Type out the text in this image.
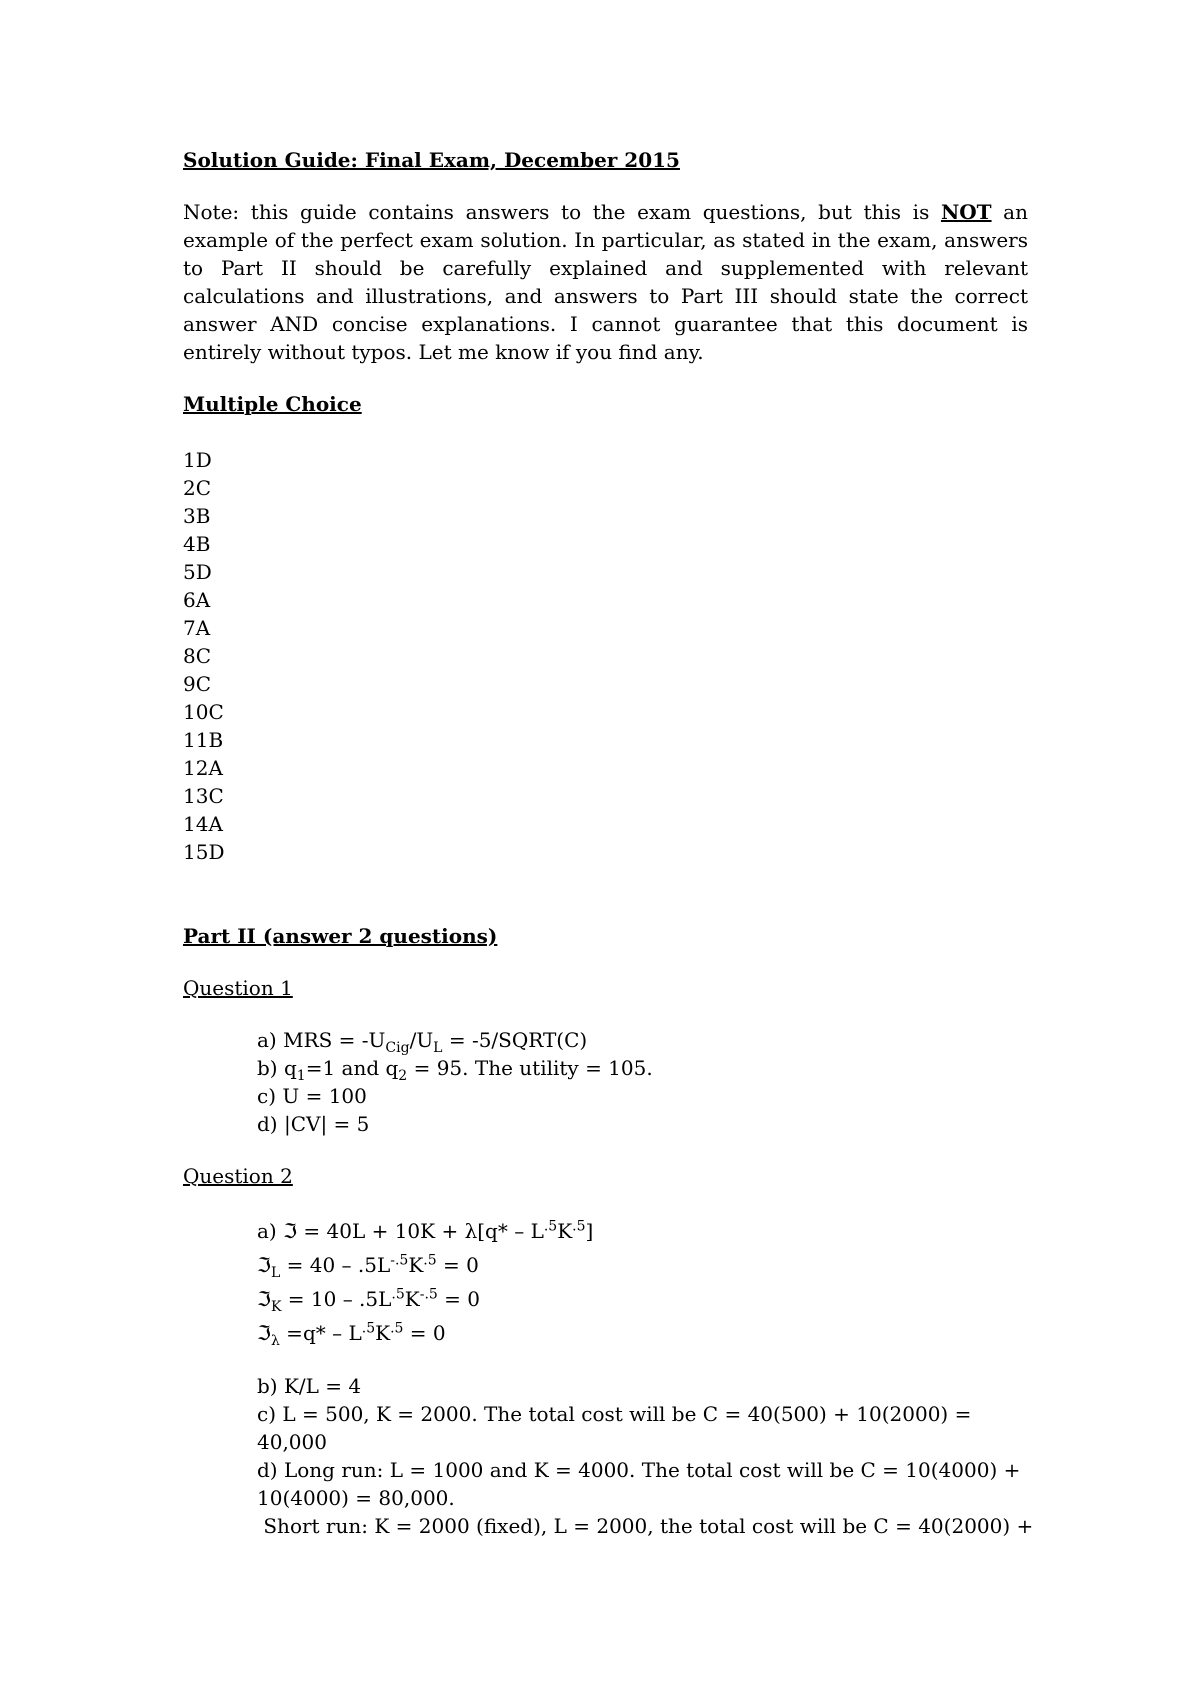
Solution Guide: Final Exam, December 2015

Note: this guide contains answers to the exam questions, but this is NOT an example of the perfect exam solution. In particular, as stated in the exam, answers to Part II should be carefully explained and supplemented with relevant calculations and illustrations, and answers to Part III should state the correct answer AND concise explanations. I cannot guarantee that this document is entirely without typos. Let me know if you find any.

Multiple Choice

1D
2C
3B
4B
5D
6A
7A
8C
9C
10C
11B
12A
13C
14A
15D

Part II (answer 2 questions)

Question 1

a) MRS = $-U_{Cig}/U_L$ = -5/SQRT(C)

b) $q_1=1$ and $q_2 = 95$. The utility = 105.

c) U = 100

d) |CV| = 5

Question 2

a) ℑ = $40L + 10K + \lambda[q* - L^{.5}K^{.5}]$

ℑ$_L$ = $40 - .5L^{-.5}K^{.5} = 0$

ℑ$_K$ = $10 - .5L^{.5}K^{-.5} = 0$

ℑ$_\lambda$ $=q* - L^{.5}K^{.5} = 0$

b) K/L = 4

c) L = 500, K = 2000. The total cost will be C = 40(500) + 10(2000) = 40,000

d) Long run: L = 1000 and K = 4000. The total cost will be C = 10(4000) +

10(4000) = 80,000.

Short run: K = 2000 (fixed), L = 2000, the total cost will be C = 40(2000) +
